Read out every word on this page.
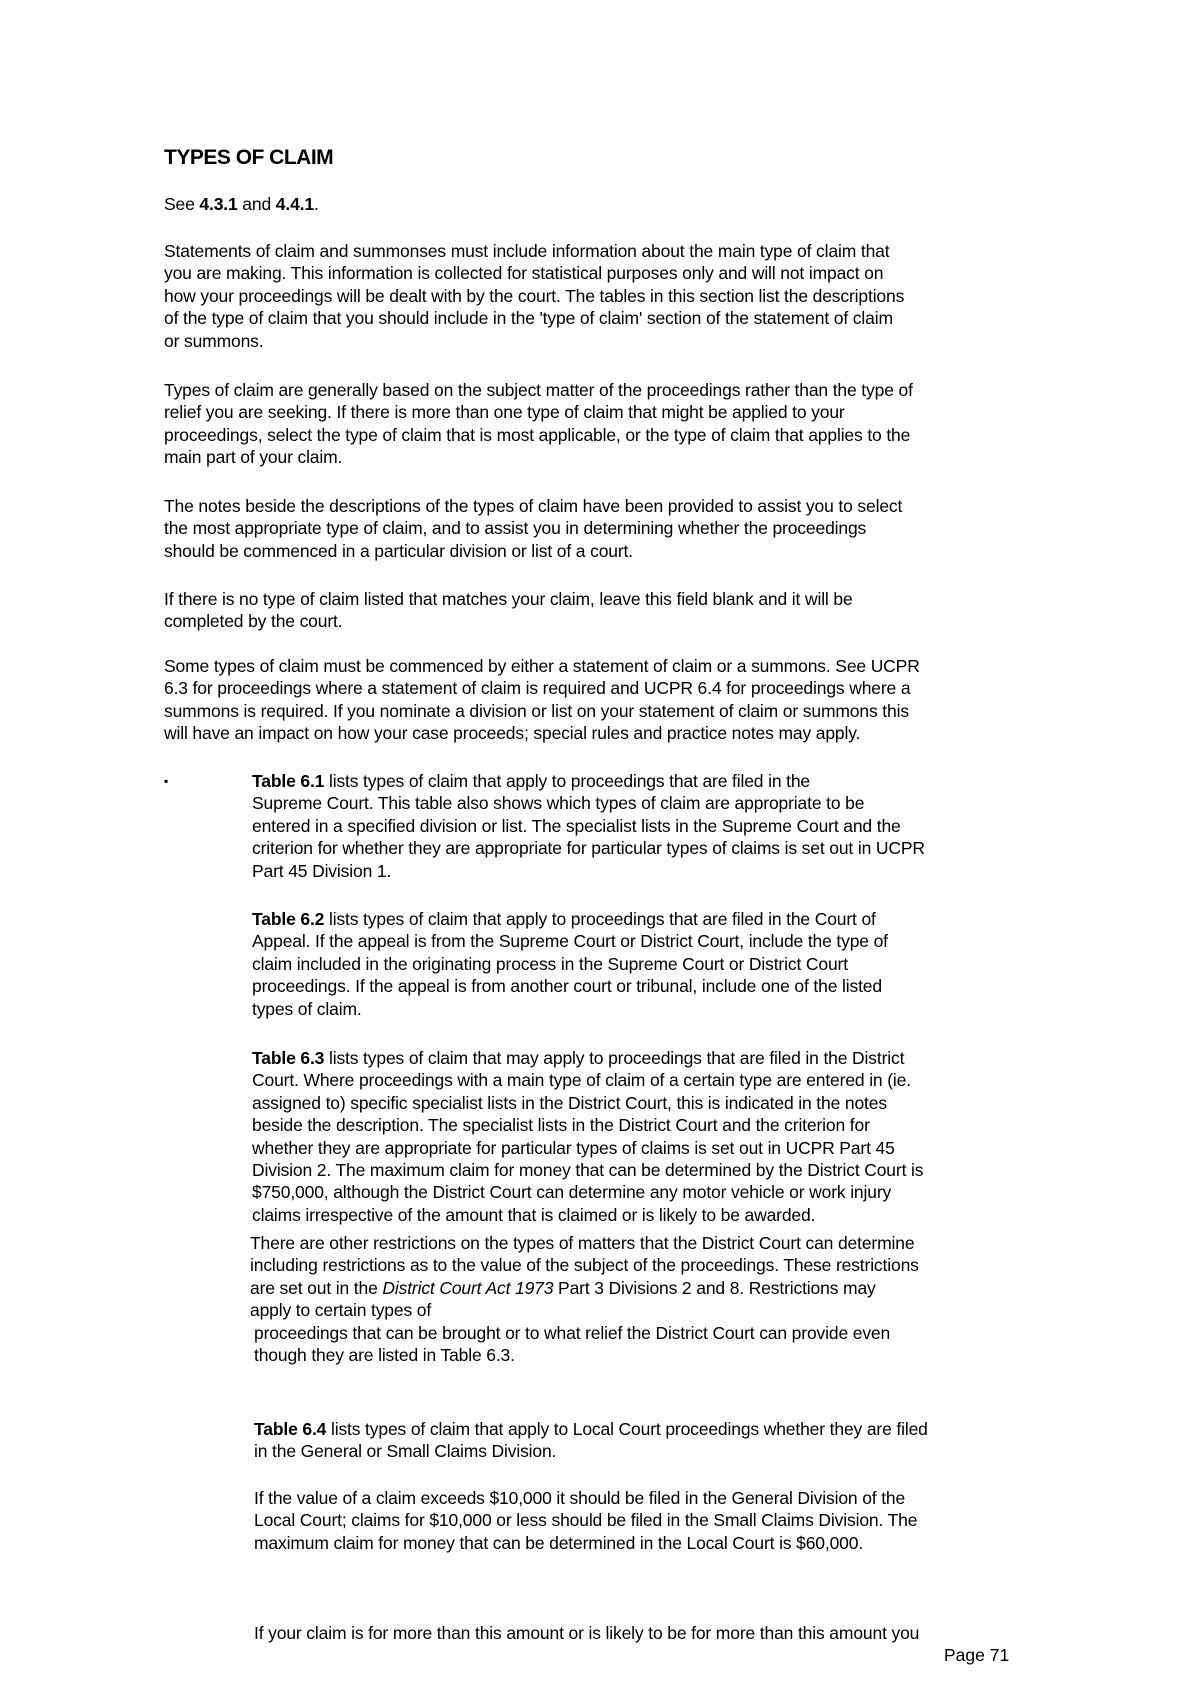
TYPES OF CLAIM

See 4.3.1 and 4.4.1.

Statements of claim and summonses must include information about the main type of claim that
you are making. This information is collected for statistical purposes only and will not impact on
how your proceedings will be dealt with by the court. The tables in this section list the descriptions
of the type of claim that you should include in the 'type of claim' section of the statement of claim
or summons.

Types of claim are generally based on the subject matter of the proceedings rather than the type of
relief you are seeking. If there is more than one type of claim that might be applied to your
proceedings, select the type of claim that is most applicable, or the type of claim that applies to the
main part of your claim.

The notes beside the descriptions of the types of claim have been provided to assist you to select
the most appropriate type of claim, and to assist you in determining whether the proceedings
should be commenced in a particular division or list of a court.

If there is no type of claim listed that matches your claim, leave this field blank and it will be
completed by the court.

Some types of claim must be commenced by either a statement of claim or a summons. See UCPR
6.3 for proceedings where a statement of claim is required and UCPR 6.4 for proceedings where a
summons is required. If you nominate a division or list on your statement of claim or summons this
will have an impact on how your case proceeds; special rules and practice notes may apply.

▪	Table 6.1 lists types of claim that apply to proceedings that are filed in the
Supreme Court. This table also shows which types of claim are appropriate to be
entered in a specified division or list. The specialist lists in the Supreme Court and the
criterion for whether they are appropriate for particular types of claims is set out in UCPR
Part 45 Division 1.

Table 6.2 lists types of claim that apply to proceedings that are filed in the Court of
Appeal. If the appeal is from the Supreme Court or District Court, include the type of
claim included in the originating process in the Supreme Court or District Court
proceedings. If the appeal is from another court or tribunal, include one of the listed
types of claim.

Table 6.3 lists types of claim that may apply to proceedings that are filed in the District
Court. Where proceedings with a main type of claim of a certain type are entered in (ie.
assigned to) specific specialist lists in the District Court, this is indicated in the notes
beside the description. The specialist lists in the District Court and the criterion for
whether they are appropriate for particular types of claims is set out in UCPR Part 45
Division 2. The maximum claim for money that can be determined by the District Court is
$750,000, although the District Court can determine any motor vehicle or work injury
claims irrespective of the amount that is claimed or is likely to be awarded.

There are other restrictions on the types of matters that the District Court can determine
including restrictions as to the value of the subject of the proceedings. These restrictions
are set out in the District Court Act 1973 Part 3 Divisions 2 and 8. Restrictions may
apply to certain types of
proceedings that can be brought or to what relief the District Court can provide even
though they are listed in Table 6.3.

Table 6.4 lists types of claim that apply to Local Court proceedings whether they are filed
in the General or Small Claims Division.

If the value of a claim exceeds $10,000 it should be filed in the General Division of the
Local Court; claims for $10,000 or less should be filed in the Small Claims Division. The
maximum claim for money that can be determined in the Local Court is $60,000.

If your claim is for more than this amount or is likely to be for more than this amount you

Page 71
